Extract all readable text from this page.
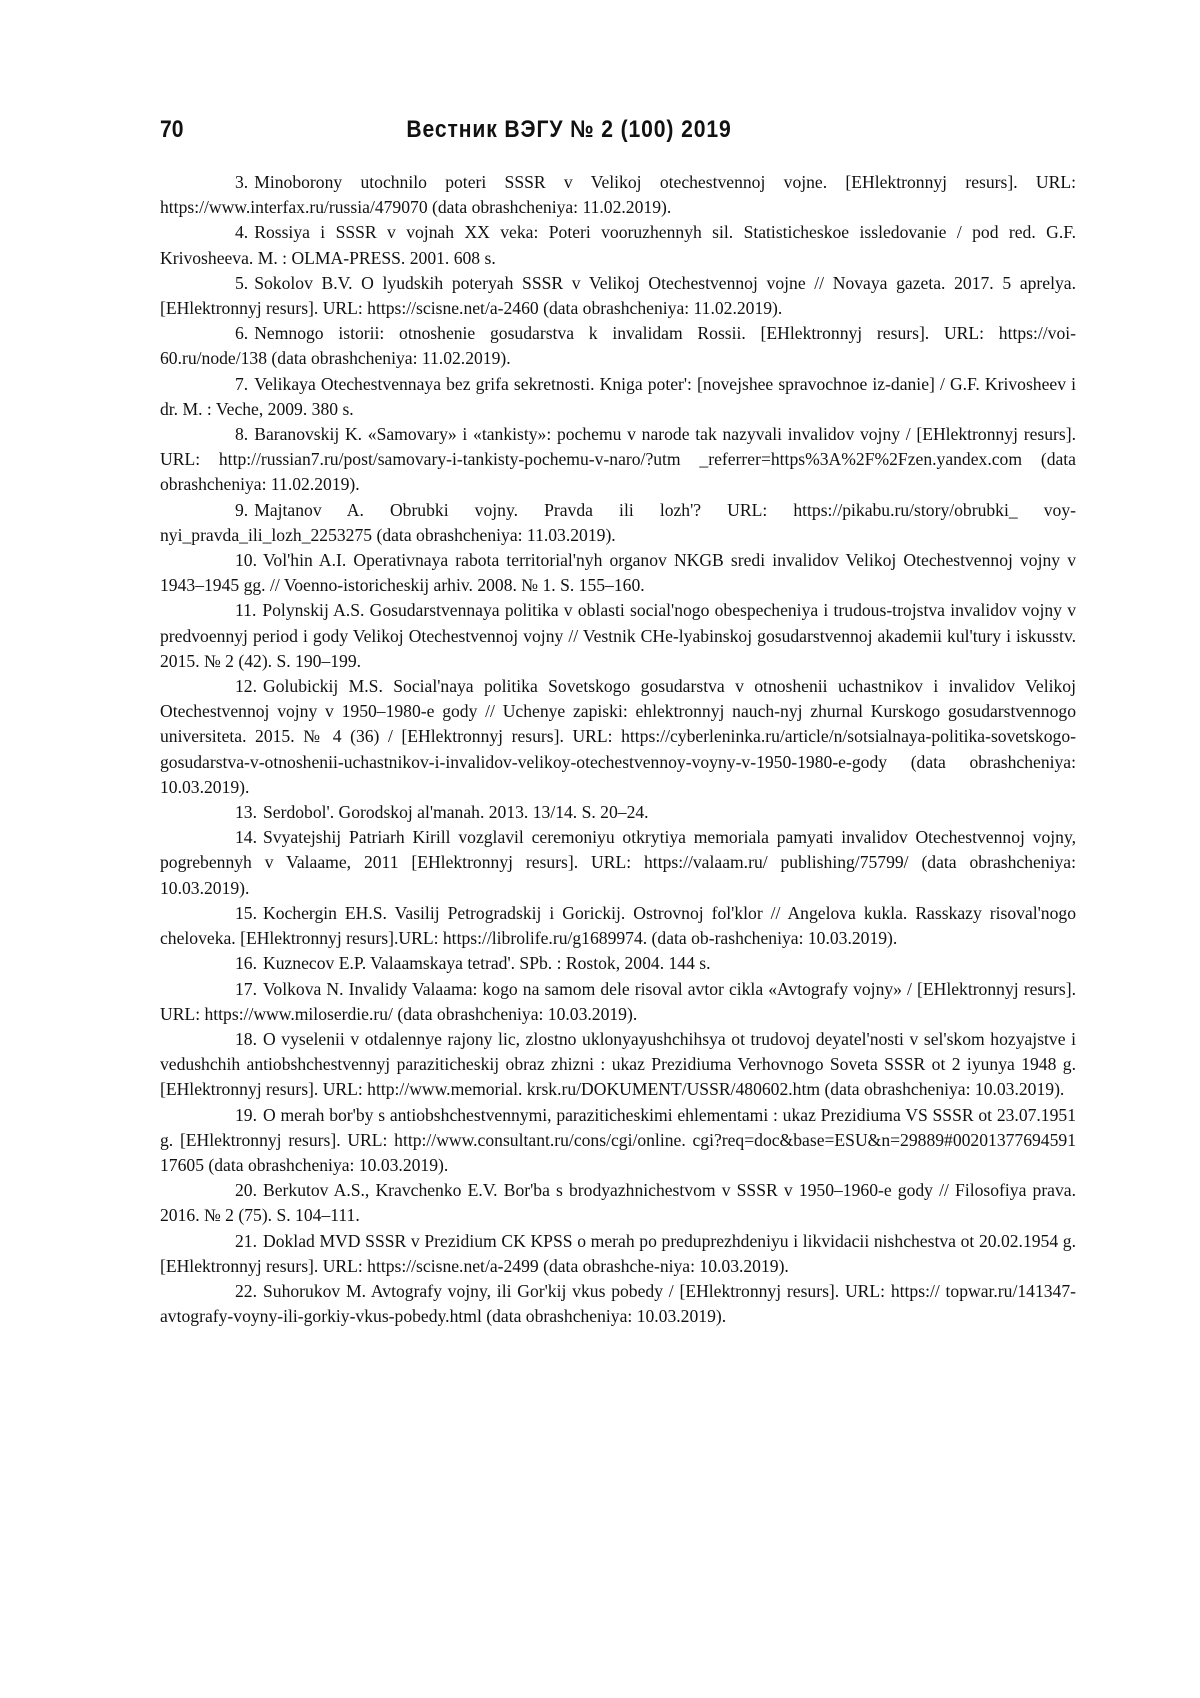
70	Вестник ВЭГУ № 2 (100) 2019
3. Minoborony utochnilo poteri SSSR v Velikoj otechestvennoj vojne. [EHlektronnyj resurs]. URL: https://www.interfax.ru/russia/479070 (data obrashcheniya: 11.02.2019).
4. Rossiya i SSSR v vojnah XX veka: Poteri vooruzhennyh sil. Statisticheskoe issledovanie / pod red. G.F. Krivosheeva. M. : OLMA-PRESS. 2001. 608 s.
5. Sokolov B.V. O lyudskih poteryah SSSR v Velikoj Otechestvennoj vojne // Novaya gazeta. 2017. 5 aprelya. [EHlektronnyj resurs]. URL: https://scisne.net/a-2460 (data obrashcheniya: 11.02.2019).
6. Nemnogo istorii: otnoshenie gosudarstva k invalidam Rossii. [EHlektronnyj resurs]. URL: https://voi-60.ru/node/138 (data obrashcheniya: 11.02.2019).
7. Velikaya Otechestvennaya bez grifa sekretnosti. Kniga poter': [novejshee spravochnoe iz-danie] / G.F. Krivosheev i dr. M. : Veche, 2009. 380 s.
8. Baranovskij K. «Samovary» i «tankisty»: pochemu v narode tak nazyvali invalidov vojny / [EHlektronnyj resurs]. URL: http://russian7.ru/post/samovary-i-tankisty-pochemu-v-naro/?utm _referrer=https%3A%2F%2Fzen.yandex.com (data obrashcheniya: 11.02.2019).
9. Majtanov A. Obrubki vojny. Pravda ili lozh'? URL: https://pikabu.ru/story/obrubki_ voy-nyi_pravda_ili_lozh_2253275 (data obrashcheniya: 11.03.2019).
10. Vol'hin A.I. Operativnaya rabota territorial'nyh organov NKGB sredi invalidov Velikoj Otechestvennoj vojny v 1943–1945 gg. // Voenno-istoricheskij arhiv. 2008. № 1. S. 155–160.
11. Polynskij A.S. Gosudarstvennaya politika v oblasti social'nogo obespecheniya i trudous-trojstva invalidov vojny v predvoennyj period i gody Velikoj Otechestvennoj vojny // Vestnik CHe-lyabinskoj gosudarstvennoj akademii kul'tury i iskusstv. 2015. № 2 (42). S. 190–199.
12. Golubickij M.S. Social'naya politika Sovetskogo gosudarstva v otnoshenii uchastnikov i invalidov Velikoj Otechestvennoj vojny v 1950–1980-e gody // Uchenye zapiski: ehlektronnyj nauch-nyj zhurnal Kurskogo gosudarstvennogo universiteta. 2015. № 4 (36) / [EHlektronnyj resurs]. URL: https://cyberleninka.ru/article/n/sotsialnaya-politika-sovetskogo-gosudarstva-v-otnoshenii-uchastnikov-i-invalidov-velikoy-otechestvennoy-voyny-v-1950-1980-e-gody (data obrashcheniya: 10.03.2019).
13. Serdobol'. Gorodskoj al'manah. 2013. 13/14. S. 20–24.
14. Svyatejshij Patriarh Kirill vozglavil ceremoniyu otkrytiya memoriala pamyati invalidov Otechestvennoj vojny, pogrebennyh v Valaame, 2011 [EHlektronnyj resurs]. URL: https://valaam.ru/ publishing/75799/ (data obrashcheniya: 10.03.2019).
15. Kochergin EH.S. Vasilij Petrogradskij i Gorickij. Ostrovnoj fol'klor // Angelova kukla. Rasskazy risoval'nogo cheloveka. [EHlektronnyj resurs].URL: https://librolife.ru/g1689974. (data ob-rashcheniya: 10.03.2019).
16. Kuznecov E.P. Valaamskaya tetrad'. SPb. : Rostok, 2004. 144 s.
17. Volkova N. Invalidy Valaama: kogo na samom dele risoval avtor cikla «Avtografy vojny» / [EHlektronnyj resurs]. URL: https://www.miloserdie.ru/ (data obrashcheniya: 10.03.2019).
18. O vyselenii v otdalennye rajony lic, zlostno uklonyayushchihsya ot trudovoj deyatel'nosti v sel'skom hozyajstve i vedushchih antiobshchestvennyj paraziticheskij obraz zhizni : ukaz Prezidiuma Verhovnogo Soveta SSSR ot 2 iyunya 1948 g. [EHlektronnyj resurs]. URL: http://www.memorial. krsk.ru/DOKUMENT/USSR/480602.htm (data obrashcheniya: 10.03.2019).
19. O merah bor'by s antiobshchestvennymi, paraziticheskimi ehlementami : ukaz Prezidiuma VS SSSR ot 23.07.1951 g. [EHlektronnyj resurs]. URL: http://www.consultant.ru/cons/cgi/online. cgi?req=doc&base=ESU&n=29889#00201377694591 17605 (data obrashcheniya: 10.03.2019).
20. Berkutov A.S., Kravchenko E.V. Bor'ba s brodyazhnichestvom v SSSR v 1950–1960-e gody // Filosofiya prava. 2016. № 2 (75). S. 104–111.
21. Doklad MVD SSSR v Prezidium CK KPSS o merah po preduprezhdeniyu i likvidacii nishchestva ot 20.02.1954 g. [EHlektronnyj resurs]. URL: https://scisne.net/a-2499 (data obrashche-niya: 10.03.2019).
22. Suhorukov M. Avtografy vojny, ili Gor'kij vkus pobedy / [EHlektronnyj resurs]. URL: https:// topwar.ru/141347-avtografy-voyny-ili-gorkiy-vkus-pobedy.html (data obrashcheniya: 10.03.2019).
